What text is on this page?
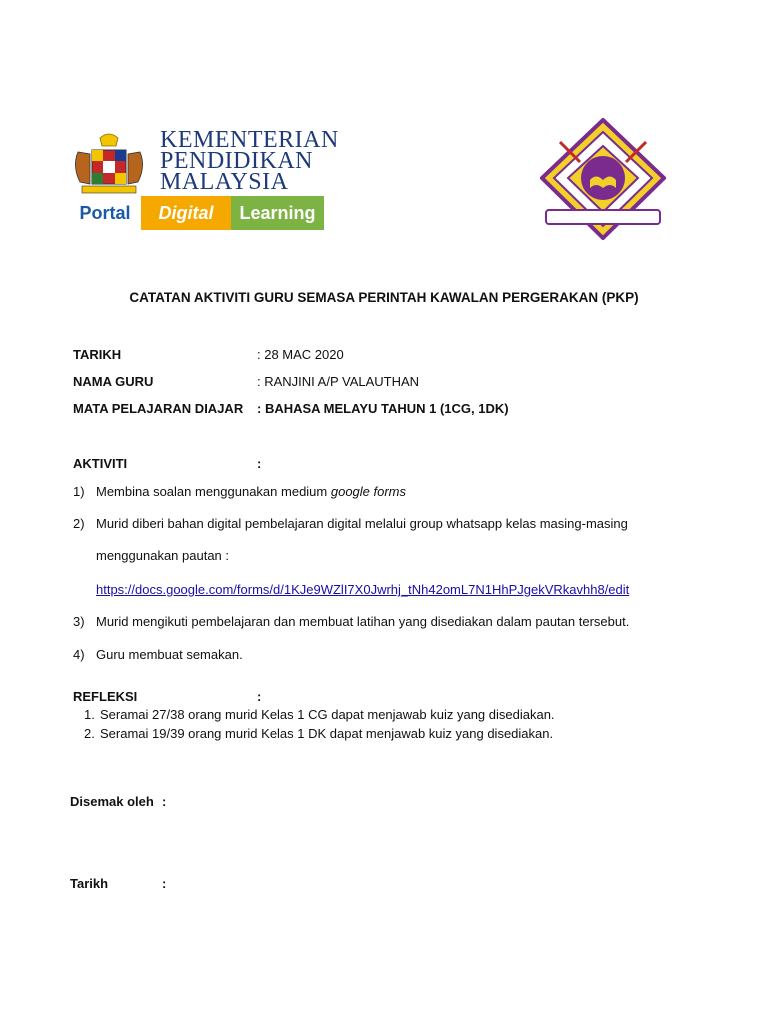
KEMENTERIAN
PENDIDIKAN
MALAYSIA
Portal	Digital	Learning
CATATAN AKTIVITI GURU SEMASA PERINTAH KAWALAN PERGERAKAN (PKP)
TARIKH	: 28 MAC 2020
NAMA GURU	: RANJINI A/P VALAUTHAN
MATA PELAJARAN DIAJAR : BAHASA MELAYU TAHUN 1 (1CG, 1DK)
AKTIVITI	:
1) Membina soalan menggunakan medium google forms
2) Murid diberi bahan digital pembelajaran digital melalui group whatsapp kelas masing-masing
menggunakan pautan :
https://docs.google.com/forms/d/1KJe9WZlI7X0Jwrhj_tNh42omL7N1HhPJgekVRkavhh8/edit
3) Murid mengikuti pembelajaran dan membuat latihan yang disediakan dalam pautan tersebut.
4) Guru membuat semakan.
REFLEKSI	:
1. Seramai 27/38 orang murid Kelas 1 CG dapat menjawab kuiz yang disediakan.
2. Seramai 19/39 orang murid Kelas 1 DK dapat menjawab kuiz yang disediakan.
Disemak oleh :
Tarikh	:
